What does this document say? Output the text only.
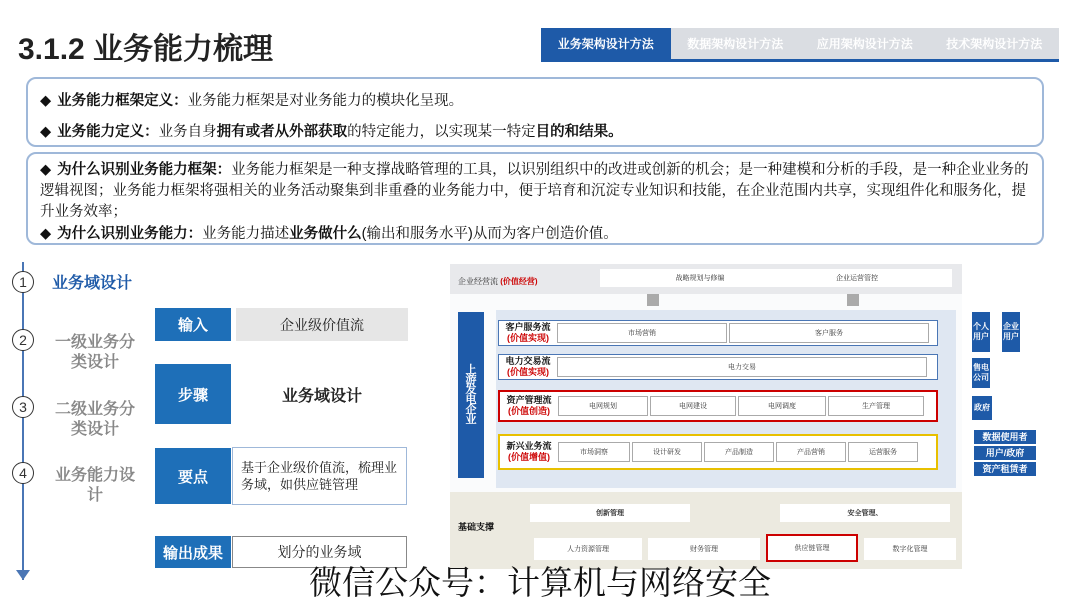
3.1.2 业务能力梳理	业务架构设计方法	数据架构设计方法	应用架构设计方法	技术架构设计方法
◆ 业务能力框架定义：业务能力框架是对业务能力的模块化呈现。
◆ 业务能力定义：业务自身拥有或者从外部获取的特定能力，以实现某一特定目的和结果。
◆ 为什么识别业务能力框架：业务能力框架是一种支撑战略管理的工具，以识别组织中的改进或创新的机会；是一种建模和分析的手段，是一种企业业务的逻辑视图；业务能力框架将强相关的业务活动聚集到非重叠的业务能力中，便于培育和沉淀专业知识和技能，在企业范围内共享，实现组件化和服务化，提升业务效率；
◆ 为什么识别业务能力：业务能力描述业务做什么(输出和服务水平)从而为客户创造价值。
1	业务域设计
2	一级业务分类设计
3	二级业务分类设计
4	业务能力设计
输入	企业级价值流
步骤	业务域设计
要点
基于企业级价值流，梳理业务域，如供应链管理
输出成果	划分的业务域
企业经营流 (价值经营)	战略规划与修编	企业运营管控
上游发电企业
客户服务流
(价值实现)	市场营销	客户服务
电力交易流
(价值实现)	电力交易
资产管理流
(价值创造)	电网规划	电网建设	电网调度	生产管理
新兴业务流
(价值增值)	市场洞察	设计研发	产品制造	产品营销	运营服务
个人用户
企业用户
售电公司
政府
基础支撑
创新管理	安全管理、
人力资源管理	财务管理	供应链管理	数字化管理
数据使用者
用户/政府
资产租赁者
微信公众号：计算机与网络安全
